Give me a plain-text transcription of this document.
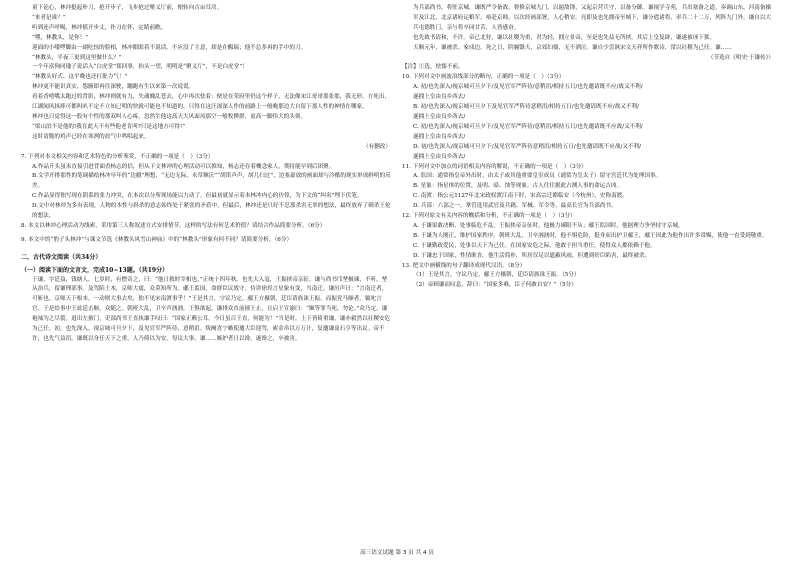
童下论心，林冲挺起朴刀，抢开步子，飞步抢过聚义厅前，便转向古亩耳房。

“来者是谁？”

听到连声呼喝，林冲摇开步丈，扑刀在怀，定睛前瞧。

“嘿，林教头，是你！”

迎面的小喽啰脚由一副吃惊的脸相，林冲眼眼着不说话。不应没了主意，却是在酶瑞；他不总多再的手中的刀。

“林教头，半夜三更到这里做什么？”

一个年富狗同瑰子说话入“白虎堂”郑回事，抬头一望，明明是“聚义厅”，不是白虎堂”！

“林教头好式、这平晚也还打批力气！”

林冲更不能识真实，怨腑即再住深驶，蹦跑有生以来第一次说谎。

看着香嘻嘴太跑过的背影，林冲则就有力，失魂魄乱苍去，心中再次怯着：便是在荣府里仍这个样子，无法像宋江哥哥那张那，我无形，方死出，江湖闻风抹摔可都叫叭不定不立知已明的快就可能也不知道的，只得在这汪深深人作的前路上一般晚那边大自留下那人性的神情在哪家。

林冲也只觉得这一股有个性的那双叫人心疼，忽然生他这高天大风面凤那空一般牧撵群，更高一脚伟大的头领。

“梁山泊不是他的!我在此天不有些他老肯叫?只是这地方可得!”

这时清脆的鸡声已经在寒冽的晨气中鸣唱起来。

（有删改）

7. 下列对本文相关内容和艺术特色的分析鉴赏，不正确的一项是（　）（3分）

A.作品开头虽未直接引进背面香杨志的信，但从下文林冲的心理活动可以推知，杨志还存着概念家人，期待能早到后团聚。

B.文学开排那性的笔调描绘林冲早年的“边疆”理想，“无边无际，永草额沃”“胡笛声声，胡儿扫过”，边塞豪放的画面却与冷酷的现实形成鲜明的反差。

C.作品显得独写现在阴系的张力冲突，在本次以分所现场能以力动了，但最初就显示着本林冲内心的彷徨，为下文的“纠名”埋下伏笔。

D.文中对林冲为多有表现，人物的本性与斜杀的意志始终处于紧张的矛盾中，但最后，林冲还是只好不忍那杀害无辜的想法，最终放弃了刺杀王伦的想法。

8. 本文以林冲心理活动为线索，采用第三人称叙述方式安排情节，这样的写法有何艺术价值？请结合作品简要分析。（6分）

9. 本文中的“豹子头林冲”与课文节选《林教头风雪山神庙》中的“林教头”形象有何不同？请简要分析。（6分）

二、古代诗文阅读（共34分）

（一）阅读下面的文言文，完成10~13题。（共19分）

于谦，字廷益，钱塘人。七岁时，有僧奇之，曰：“他日救时宰相也。”正统十四年秋，也先大入寇，王振挟帝亲征。谦与尚书邝埜极谏，不听。埜从治兵，留谦理部事。及驾陷土木，京师大震，众莫知所为。郕王监国，命群臣议战守。侍讲徐珵言星象有变，当南迁。谦厉声曰：“言南迁者，可斩也。京师天下根本，一动则大事去矣，独不见宋南渡事乎！”王是其言，守议乃定。郕王方摄朝，廷臣请族诛王振。而振党马顺者，辄叱言官。于是给事中王竑廷击顺，众随之。朝班大乱，卫卒声汹汹。王惧欲起，谦排众直前掖王止，且启王宣谕曰：“顺等罪当死，勿论。”众乃定。谦袍袖为之尽裂。退出左掖门，吏部尚书王直执谦手叹曰：“国家正赖公耳。今日虽百王直，何能为！”当是时，上下皆倚重谦，谦亦毅然以社稷安危为己任。初，也先深入，视京城可旦夕下，及见官军严阵待，意稍沮。叛阉喜宁嗾使邀大臣迎驾，索金帛以万万计，复邀谦及石亨等出议。帝不许，也先气益沮。谦既以身任天下之重，人乃倚以为安。每议大事，谦……嫉妒者日以谗，遂谗之，卒被害。

为兵部尚书，将驻京城，谦既严令备战，督修京城九门，以遏敌锋，又起京营兵守，以备分御。谦视学寺苑，兵出塞备之道，奏调山东、河南备操军及江北、北京诸府运粮军，亟赴京师，以次经画部署，人心稍安。亮即及也先拥帝至城下，谦分遣诸将，率兵二十二万，列阵九门外。谦自以大兵屯德胜门，亲与将卒同甘苦，人皆感奋。

也先致书请和，不许。帝已北狩，谦以社稷为重，君为轻，拥立景帝，至是也先益无所挟。其后上皇复辟，谦遂被诬下狱。

天顺元年，谦被杀。家戍边，死之日，阴霾翳天，京郊妇孺，无不洒泣。谦自少尝讽宋文天祥所作歌诗，常以社稷为己任。谦……

（节选自《明史·于谦传》）

【注】①选，怯懦不前。

10. 下列对文中画波浪线部分的断句，正确的一项是（　）（3分）

A. 初/也先深入/视京城可旦夕下/及见官军严阵待/意稍沮/相持五日/也先邀请既不应/战又不利/

遂拥上皇由良乡西去/

B. 初/也先深入/视京城可旦夕下及见官军严阵待意稍沮/相持五日/也先邀请既不应/战又不利/

遂拥上皇由良乡西去/

C. 初/也先深入/视京城可旦夕下/及见官军严阵待/意稍沮/相持五日/也先邀请既不应战/又不利/

遂拥上皇由良乡西去/

D. 初/也先深入/视京城可旦夕下/及见官军严阵待意稍沮/相持五日/也先邀请既不应战/又不利/

遂拥上皇由良乡西去/

11. 下列对文中加点的词语相关内容的解说，不正确的一项是（　）（3分）

A. 监国：通常指皇帝外出时，由太子或其他重要皇室成员（通常为皇太子）留守宫廷代为处理国事。

B. 星象：指星体的位置，及明、暗、蚀等现象。古人往往据此占测人事的命运吉凶。

C. 南渡：指公元1127年北宋政权渡江南下时，宋高宗迁都临安（今杭州），史称南渡。

D. 兵部：六部之一，掌管选用武官及兵籍、军械、军令等。最高长官为兵部尚书。

12. 下列对原文有关内容的概括和分析，不正确的一项是（　）（3分）

A. 于谦果敢决断，处事临危不乱。王振挟帝亲征时，他极力谏阻不从；郕王监国时，他据理力争坚持守京城。

B. 于谦为人刚正，维护国家秩序。朝班大乱，卫卒汹汹时，他不惧危险，挺身而出护卫郕王，郕王因此为他作出许多赏赐，使他一直受到敬重。

C. 于谦勤政爱民，处事以天下为己任。在国家安危之际，他敢于担当重任，使得众人都依赖于他。

D. 于谦忠于国家，性情耿直。他生活简朴，所居仅足以遮蔽风雨，但遭到奸臣陷害，最终被杀。

13. 把文中画横线的句子翻译成现代汉语。（8分）

（1）王是其言，守议乃定。郕王方摄朝，廷臣请族诛王振。（5分）

（2）帝顾谦而叹息，辞曰：“国家多难，臣子何敢自安？”（5分）

高三语文试题 第 3 页 共 4 页
